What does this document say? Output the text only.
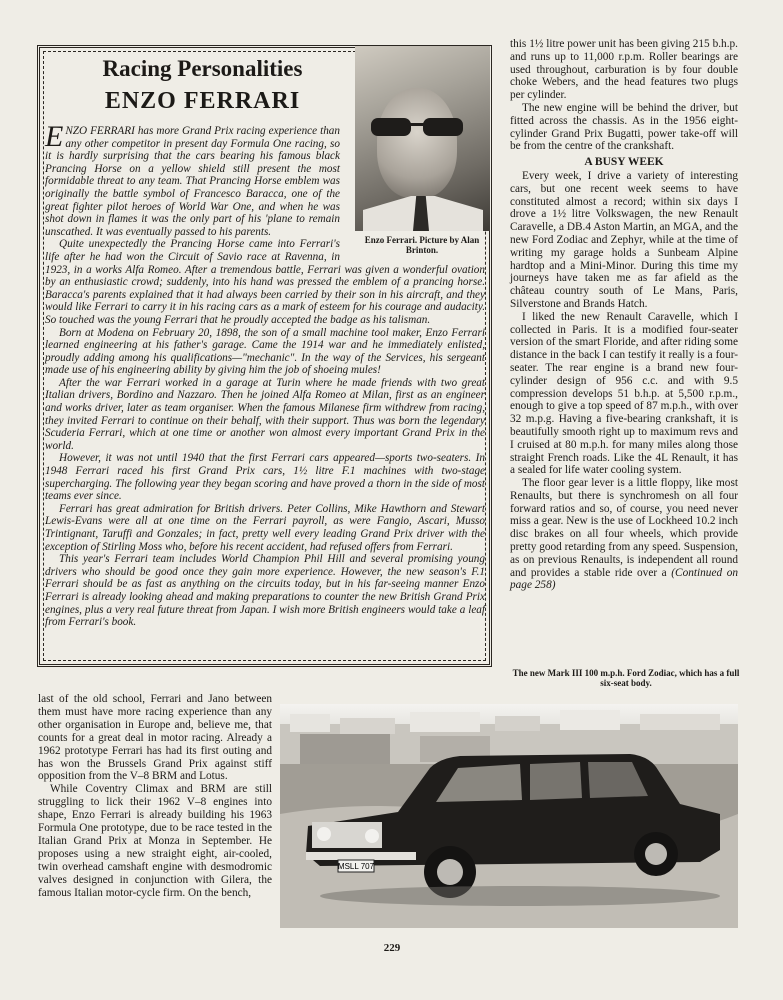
Racing Personalities
ENZO FERRARI
Enzo Ferrari. Picture by Alan Brinton.

ENZO FERRARI has more Grand Prix racing experience than any other competitor in present day Formula One racing, so it is hardly surprising that the cars bearing his famous black Prancing Horse on a yellow shield still present the most formidable threat to any team. That Prancing Horse emblem was originally the battle symbol of Francesco Baracca, one of the great fighter pilot heroes of World War One, and when he was shot down in flames it was the only part of his 'plane to remain unscathed. It was eventually passed to his parents.

Quite unexpectedly the Prancing Horse came into Ferrari's life after he had won the Circuit of Savio race at Ravenna, in 1923, in a works Alfa Romeo. After a tremendous battle, Ferrari was given a wonderful ovation by an enthusiastic crowd; suddenly, into his hand was pressed the emblem of a prancing horse. Baracca's parents explained that it had always been carried by their son in his aircraft, and they would like Ferrari to carry it in his racing cars as a mark of esteem for his courage and audacity. So touched was the young Ferrari that he proudly accepted the badge as his talisman.

Born at Modena on February 20, 1898, the son of a small machine tool maker, Enzo Ferrari learned engineering at his father's garage. Came the 1914 war and he immediately enlisted, proudly adding among his qualifications—"mechanic". In the way of the Services, his sergeant made use of his engineering ability by giving him the job of shoeing mules!

After the war Ferrari worked in a garage at Turin where he made friends with two great Italian drivers, Bordino and Nazzaro. Then he joined Alfa Romeo at Milan, first as an engineer and works driver, later as team organiser. When the famous Milanese firm withdrew from racing, they invited Ferrari to continue on their behalf, with their support. Thus was born the legendary Scuderia Ferrari, which at one time or another won almost every important Grand Prix in the world.

However, it was not until 1940 that the first Ferrari cars appeared—sports two-seaters. In 1948 Ferrari raced his first Grand Prix cars, 1½ litre F.1 machines with two-stage supercharging. The following year they began scoring and have proved a thorn in the side of most teams ever since.

Ferrari has great admiration for British drivers. Peter Collins, Mike Hawthorn and Stewart Lewis-Evans were all at one time on the Ferrari payroll, as were Fangio, Ascari, Musso Trintignant, Taruffi and Gonzales; in fact, pretty well every leading Grand Prix driver with the exception of Stirling Moss who, before his recent accident, had refused offers from Ferrari.

This year's Ferrari team includes World Champion Phil Hill and several promising young drivers who should be good once they gain more experience. However, the new season's F.1 Ferrari should be as fast as anything on the circuits today, but in his far-seeing manner Enzo Ferrari is already looking ahead and making preparations to counter the new British Grand Prix engines, plus a very real future threat from Japan. I wish more British engineers would take a leaf from Ferrari's book.

this 1½ litre power unit has been giving 215 b.h.p. and runs up to 11,000 r.p.m. Roller bearings are used throughout, carburation is by four double choke Webers, and the head features two plugs per cylinder.

The new engine will be behind the driver, but fitted across the chassis. As in the 1956 eight-cylinder Grand Prix Bugatti, power take-off will be from the centre of the crankshaft.

A BUSY WEEK

Every week, I drive a variety of interesting cars, but one recent week seems to have constituted almost a record; within six days I drove a 1½ litre Volkswagen, the new Renault Caravelle, a DB.4 Aston Martin, an MGA, and the new Ford Zodiac and Zephyr, while at the time of writing my garage holds a Sunbeam Alpine hardtop and a Mini-Minor. During this time my journeys have taken me as far afield as the château country south of Le Mans, Paris, Silverstone and Brands Hatch.

I liked the new Renault Caravelle, which I collected in Paris. It is a modified four-seater version of the smart Floride, and after riding some distance in the back I can testify it really is a four-seater. The rear engine is a brand new four-cylinder design of 956 c.c. and with 9.5 compression develops 51 b.h.p. at 5,500 r.p.m., enough to give a top speed of 87 m.p.h., with over 32 m.p.g. Having a five-bearing crankshaft, it is beautifully smooth right up to maximum revs and I cruised at 80 m.p.h. for many miles along those straight French roads. Like the 4L Renault, it has a sealed for life water cooling system.

The floor gear lever is a little floppy, like most Renaults, but there is synchromesh on all four forward ratios and so, of course, you need never miss a gear. New is the use of Lockheed 10.2 inch disc brakes on all four wheels, which provide pretty good retarding from any speed. Suspension, as on previous Renaults, is independent all round and provides a stable ride over a (Continued on page 258)

The new Mark III 100 m.p.h. Ford Zodiac, which has a full six-seat body.

last of the old school, Ferrari and Jano between them must have more racing experience than any other organisation in Europe and, believe me, that counts for a great deal in motor racing. Already a 1962 prototype Ferrari has had its first outing and has won the Brussels Grand Prix against stiff opposition from the V–8 BRM and Lotus.

While Coventry Climax and BRM are still struggling to lick their 1962 V–8 engines into shape, Enzo Ferrari is already building his 1963 Formula One prototype, due to be race tested in the Italian Grand Prix at Monza in September. He proposes using a new straight eight, air-cooled, twin overhead camshaft engine with desmodromic valves designed in conjunction with Gilera, the famous Italian motor-cycle firm. On the bench,

MSLL 707
229
